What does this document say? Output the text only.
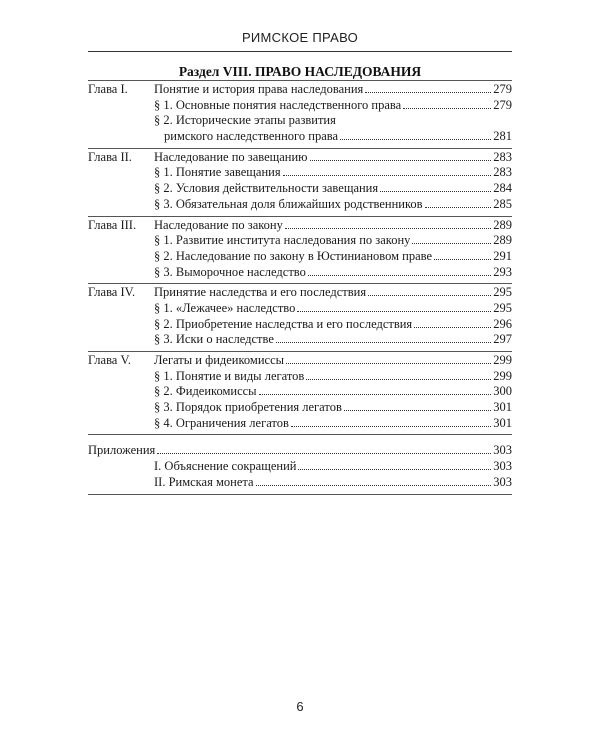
РИМСКОЕ ПРАВО
Раздел VIII. ПРАВО НАСЛЕДОВАНИЯ
Глава I.	Понятие и история права наследования	279
§ 1. Основные понятия наследственного права	279
§ 2. Исторические этапы развития
римского наследственного права	281
Глава II.	Наследование по завещанию	283
§ 1. Понятие завещания	283
§ 2. Условия действительности завещания	284
§ 3. Обязательная доля ближайших родственников	285
Глава III.	Наследование по закону	289
§ 1. Развитие института наследования по закону	289
§ 2. Наследование по закону в Юстиниановом праве	291
§ 3. Выморочное наследство	293
Глава IV.	Принятие наследства и его последствия	295
§ 1. «Лежачее» наследство	295
§ 2. Приобретение наследства и его последствия	296
§ 3. Иски о наследстве	297
Глава V.	Легаты и фидеикомиссы	299
§ 1. Понятие и виды легатов	299
§ 2. Фидеикомиссы	300
§ 3. Порядок приобретения легатов	301
§ 4. Ограничения легатов	301
Приложения	303
I. Объяснение сокращений	303
II. Римская монета	303
6
